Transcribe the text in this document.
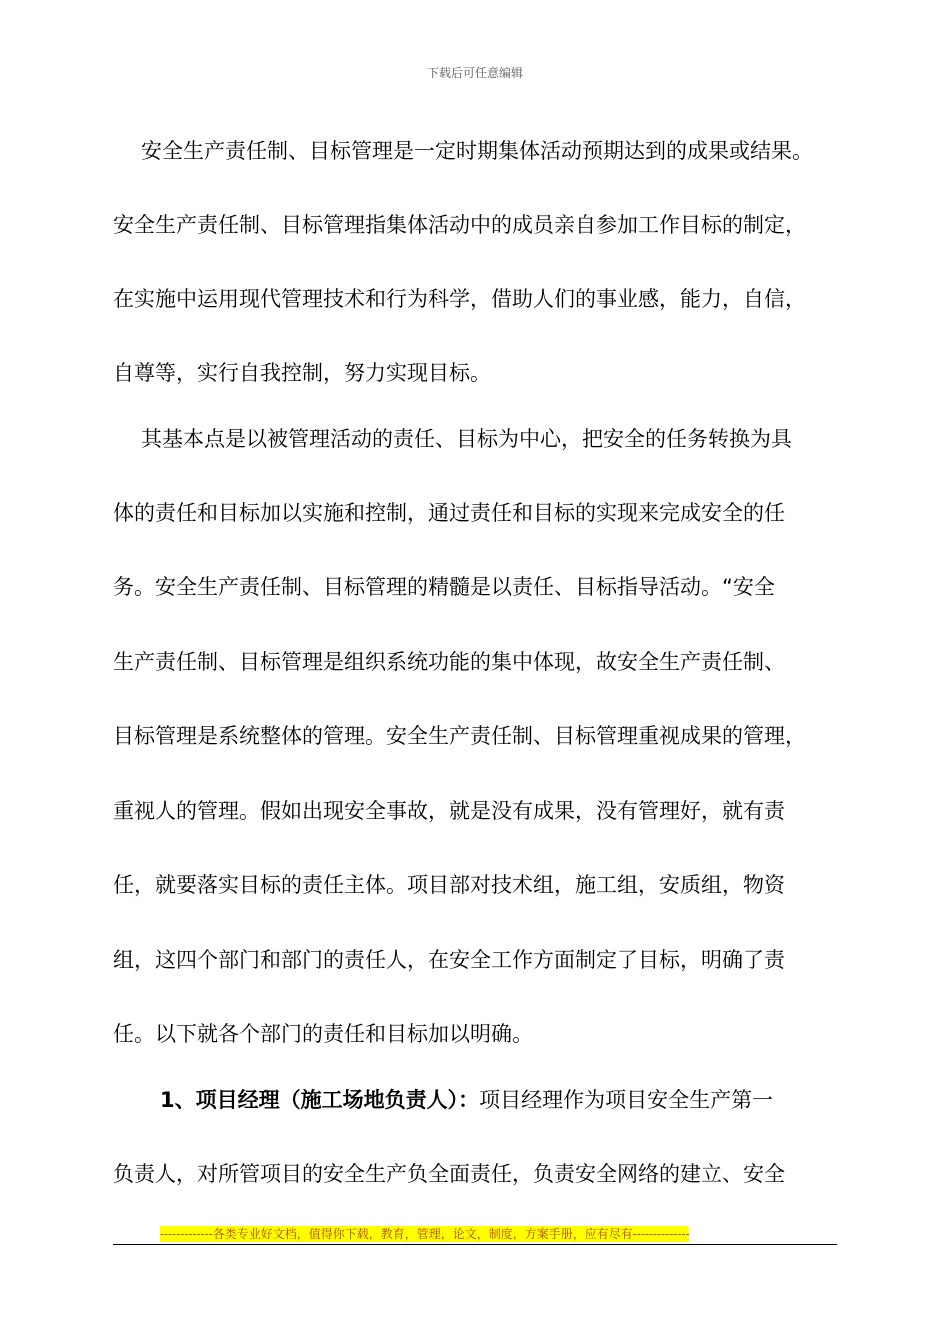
下载后可任意编辑
安全生产责任制、目标管理是一定时期集体活动预期达到的成果或结果。
安全生产责任制、目标管理指集体活动中的成员亲自参加工作目标的制定，
在实施中运用现代管理技术和行为科学，借助人们的事业感，能力，自信，
自尊等，实行自我控制，努力实现目标。
其基本点是以被管理活动的责任、目标为中心，把安全的任务转换为具
体的责任和目标加以实施和控制，通过责任和目标的实现来完成安全的任
务。安全生产责任制、目标管理的精髓是以责任、目标指导活动。“安全
生产责任制、目标管理是组织系统功能的集中体现，故安全生产责任制、
目标管理是系统整体的管理。安全生产责任制、目标管理重视成果的管理，
重视人的管理。假如出现安全事故，就是没有成果，没有管理好，就有责
任，就要落实目标的责任主体。项目部对技术组，施工组，安质组，物资
组，这四个部门和部门的责任人，在安全工作方面制定了目标，明确了责
任。以下就各个部门的责任和目标加以明确。
1、项目经理（施工场地负责人）：项目经理作为项目安全生产第一
负责人，对所管项目的安全生产负全面责任，负责安全网络的建立、安全
-------------各类专业好文档，值得你下载，教育，管理，论文，制度，方案手册，应有尽有--------------
